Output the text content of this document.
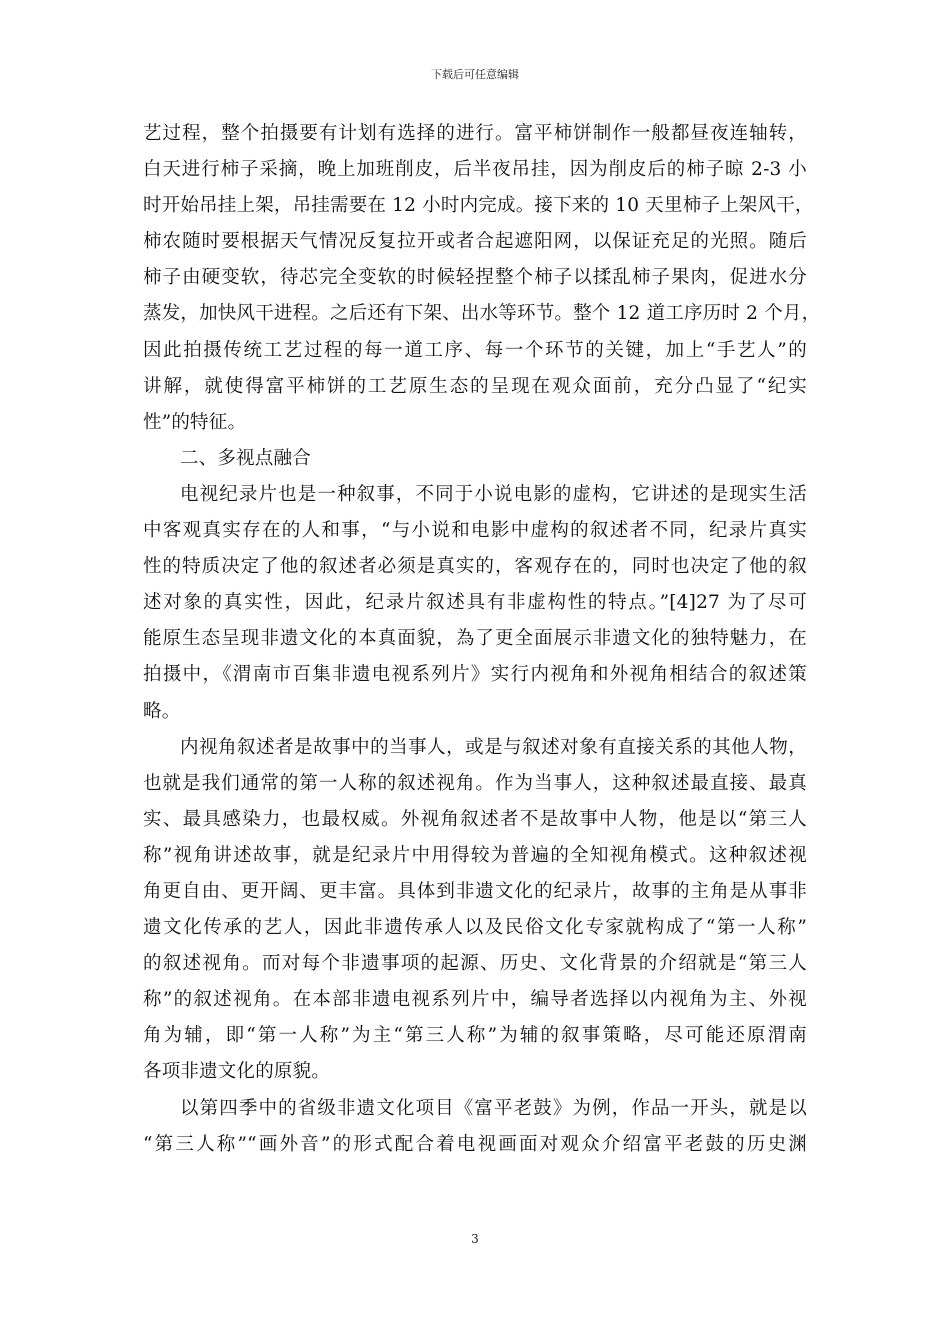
下载后可任意编辑
艺过程，整个拍摄要有计划有选择的进行。富平柿饼制作一般都昼夜连轴转，
白天进行柿子采摘，晚上加班削皮，后半夜吊挂，因为削皮后的柿子晾 2-3 小
时开始吊挂上架，吊挂需要在 12 小时内完成。接下来的 10 天里柿子上架风干，
柿农随时要根据天气情况反复拉开或者合起遮阳网，以保证充足的光照。随后
柿子由硬变软，待芯完全变软的时候轻捏整个柿子以揉乱柿子果肉，促进水分
蒸发，加快风干进程。之后还有下架、出水等环节。整个 12 道工序历时 2 个月，
因此拍摄传统工艺过程的每一道工序、每一个环节的关键，加上“手艺人”的
讲解，就使得富平柿饼的工艺原生态的呈现在观众面前，充分凸显了“纪实
性”的特征。
二、多视点融合
电视纪录片也是一种叙事，不同于小说电影的虚构，它讲述的是现实生活
中客观真实存在的人和事，“与小说和电影中虚构的叙述者不同，纪录片真实
性的特质决定了他的叙述者必须是真实的，客观存在的，同时也决定了他的叙
述对象的真实性，因此，纪录片叙述具有非虚构性的特点。”[4]27 为了尽可
能原生态呈现非遗文化的本真面貌，為了更全面展示非遗文化的独特魅力，在
拍摄中，《渭南市百集非遗电视系列片》实行内视角和外视角相结合的叙述策
略。
内视角叙述者是故事中的当事人，或是与叙述对象有直接关系的其他人物，
也就是我们通常的第一人称的叙述视角。作为当事人，这种叙述最直接、最真
实、最具感染力，也最权威。外视角叙述者不是故事中人物，他是以“第三人
称”视角讲述故事，就是纪录片中用得较为普遍的全知视角模式。这种叙述视
角更自由、更开阔、更丰富。具体到非遗文化的纪录片，故事的主角是从事非
遗文化传承的艺人，因此非遗传承人以及民俗文化专家就构成了“第一人称”
的叙述视角。而对每个非遗事项的起源、历史、文化背景的介绍就是“第三人
称”的叙述视角。在本部非遗电视系列片中，编导者选择以内视角为主、外视
角为辅，即“第一人称”为主“第三人称”为辅的叙事策略，尽可能还原渭南
各项非遗文化的原貌。
以第四季中的省级非遗文化项目《富平老鼓》为例，作品一开头，就是以
“第三人称”“画外音”的形式配合着电视画面对观众介绍富平老鼓的历史渊
3
